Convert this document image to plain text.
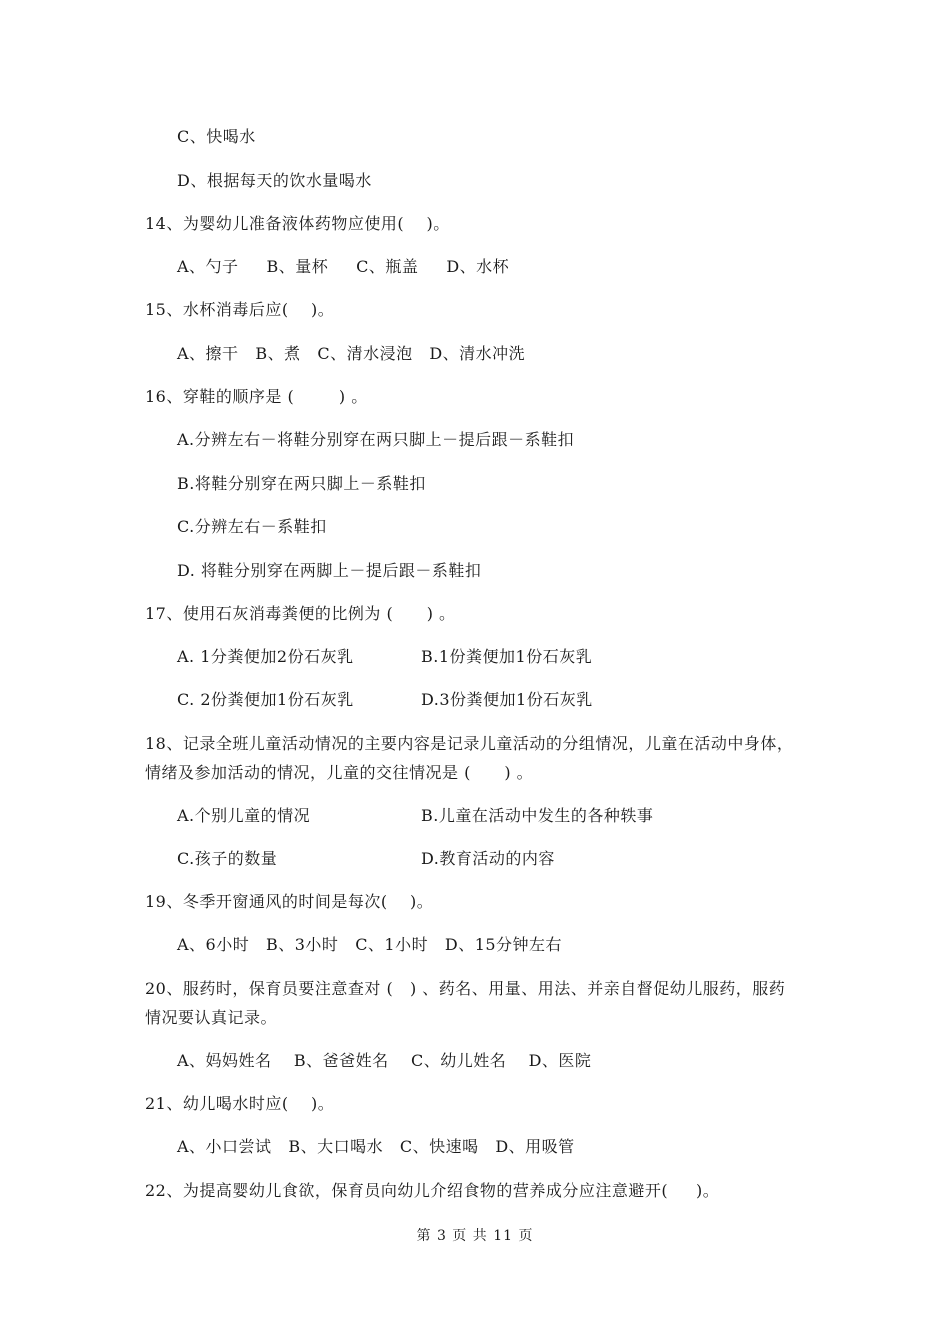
C、快喝水
D、根据每天的饮水量喝水
14、为婴幼儿准备液体药物应使用(    )。
A、勺子     B、量杯     C、瓶盖     D、水杯
15、水杯消毒后应(    )。
A、擦干   B、煮   C、清水浸泡   D、清水冲洗
16、穿鞋的顺序是 (        ) 。
A.分辨左右－将鞋分别穿在两只脚上－提后跟－系鞋扣
B.将鞋分别穿在两只脚上－系鞋扣
C.分辨左右－系鞋扣
D. 将鞋分别穿在两脚上－提后跟－系鞋扣
17、使用石灰消毒粪便的比例为 (      ) 。
A. 1分粪便加2份石灰乳	B.1份粪便加1份石灰乳
C. 2份粪便加1份石灰乳	D.3份粪便加1份石灰乳
18、记录全班儿童活动情况的主要内容是记录儿童活动的分组情况，儿童在活动中身体，
情绪及参加活动的情况，儿童的交往情况是 (      ) 。
A.个别儿童的情况	B.儿童在活动中发生的各种轶事
C.孩子的数量	D.教育活动的内容
19、冬季开窗通风的时间是每次(    )。
A、6小时   B、3小时   C、1小时   D、15分钟左右
20、服药时，保育员要注意查对 (   ) 、药名、用量、用法、并亲自督促幼儿服药，服药
情况要认真记录。
A、妈妈姓名    B、爸爸姓名    C、幼儿姓名    D、医院
21、幼儿喝水时应(    )。
A、小口尝试   B、大口喝水   C、快速喝   D、用吸管
22、为提高婴幼儿食欲，保育员向幼儿介绍食物的营养成分应注意避开(     )。
第 3 页 共 11 页
